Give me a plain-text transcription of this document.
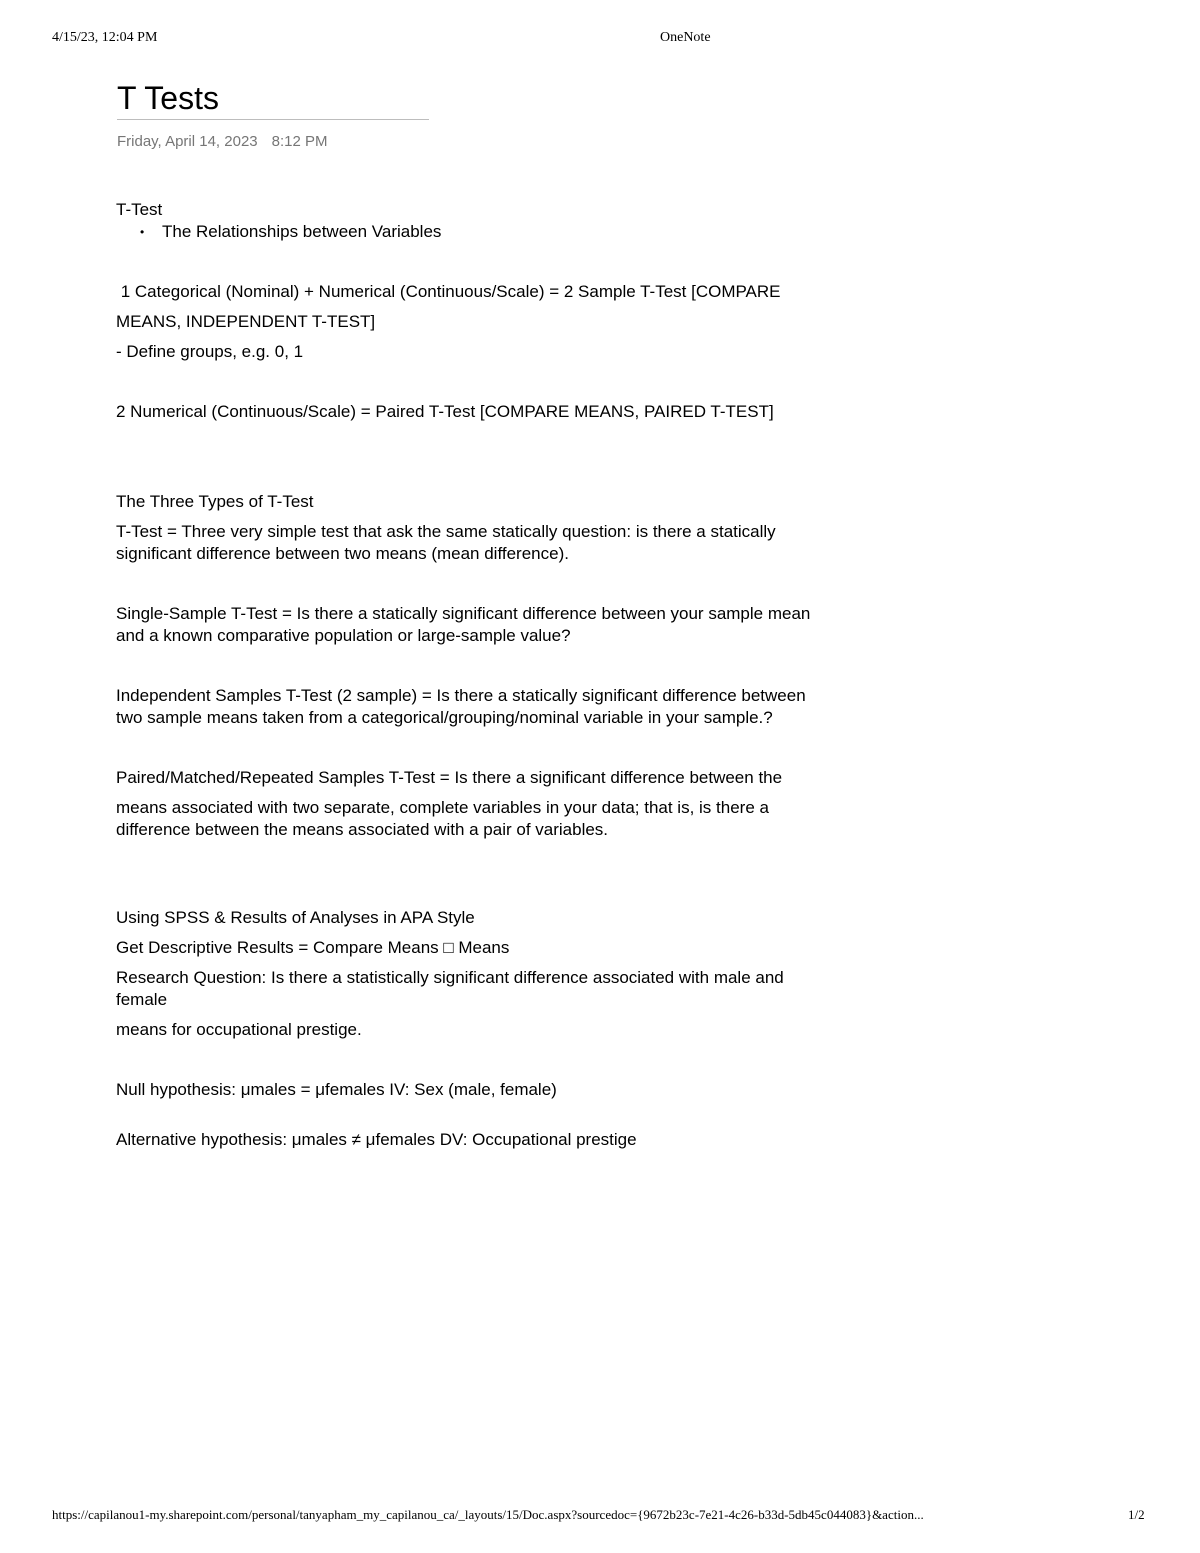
4/15/23, 12:04 PM	OneNote
T Tests
Friday, April 14, 2023 8:12 PM

T-Test

• The Relationships between Variables

1 Categorical (Nominal) + Numerical (Continuous/Scale) = 2 Sample T-Test [COMPARE

MEANS, INDEPENDENT T-TEST]

- Define groups, e.g. 0, 1

2 Numerical (Continuous/Scale) = Paired T-Test [COMPARE MEANS, PAIRED T-TEST]

The Three Types of T-Test

T-Test = Three very simple test that ask the same statically question: is there a statically

significant difference between two means (mean difference).

Single-Sample T-Test = Is there a statically significant difference between your sample mean

and a known comparative population or large-sample value?

Independent Samples T-Test (2 sample) = Is there a statically significant difference between

two sample means taken from a categorical/grouping/nominal variable in your sample.?

Paired/Matched/Repeated Samples T-Test = Is there a significant difference between the

means associated with two separate, complete variables in your data; that is, is there a

difference between the means associated with a pair of variables.

Using SPSS & Results of Analyses in APA Style

Get Descriptive Results = Compare Means □ Means

Research Question: Is there a statistically significant difference associated with male and

female

means for occupational prestige.

Null hypothesis: μmales = μfemales IV: Sex (male, female)

Alternative hypothesis: μmales ≠ μfemales DV: Occupational prestige

https://capilanou1-my.sharepoint.com/personal/tanyapham_my_capilanou_ca/_layouts/15/Doc.aspx?sourcedoc={9672b23c-7e21-4c26-b33d-5db45c044083}&action...	1/2
